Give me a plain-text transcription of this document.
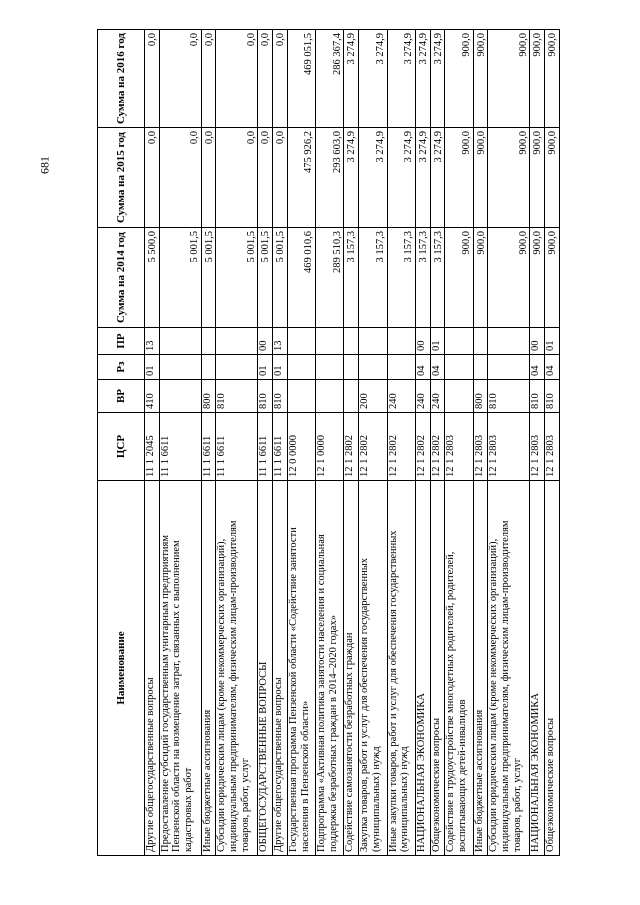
681
Наименование	ЦСР	ВР	Рз	ПР	Сумма на 2014 год	Сумма на 2015 год	Сумма на 2016 год
Другие общегосударственные вопросы	11 1 2045	410	01	13	5 500,0	0,0	0,0
Предоставление субсидий государственным унитарным предприятиям Пензенской области на возмещение затрат, связанных с выполнением кадастровых работ	11 1 6611				5 001,5	0,0	0,0
Иные бюджетные ассигнования	11 1 6611	800			5 001,5	0,0	0,0
Субсидии юридическим лицам (кроме некоммерческих организаций), индивидуальным предпринимателям, физическим лицам-производителям товаров, работ, услуг	11 1 6611	810			5 001,5	0,0	0,0
ОБЩЕГОСУДАРСТВЕННЫЕ ВОПРОСЫ	11 1 6611	810	01	00	5 001,5	0,0	0,0
Другие общегосударственные вопросы	11 1 6611	810	01	13	5 001,5	0,0	0,0
Государственная программа Пензенской области «Содействие занятости населения в Пензенской области»	12 0 0000				469 010,6	475 926,2	469 051,5
Подпрограмма «Активная политика занятости населения и социальная поддержка безработных граждан в 2014–2020 годах»	12 1 0000				289 510,3	293 603,0	286 367,4
Содействие самозанятости безработных граждан	12 1 2802				3 157,3	3 274,9	3 274,9
Закупка товаров, работ и услуг для обеспечения государственных (муниципальных) нужд	12 1 2802	200			3 157,3	3 274,9	3 274,9
Иные закупки товаров, работ и услуг для обеспечения государственных (муниципальных) нужд	12 1 2802	240			3 157,3	3 274,9	3 274,9
НАЦИОНАЛЬНАЯ ЭКОНОМИКА	12 1 2802	240	04	00	3 157,3	3 274,9	3 274,9
Общеэкономические вопросы	12 1 2802	240	04	01	3 157,3	3 274,9	3 274,9
Содействие в трудоустройстве многодетных родителей, родителей, воспитывающих детей-инвалидов	12 1 2803				900,0	900,0	900,0
Иные бюджетные ассигнования	12 1 2803	800			900,0	900,0	900,0
Субсидии юридическим лицам (кроме некоммерческих организаций), индивидуальным предпринимателям, физическим лицам-производителям товаров, работ, услуг	12 1 2803	810			900,0	900,0	900,0
НАЦИОНАЛЬНАЯ ЭКОНОМИКА	12 1 2803	810	04	00	900,0	900,0	900,0
Общеэкономические вопросы	12 1 2803	810	04	01	900,0	900,0	900,0
